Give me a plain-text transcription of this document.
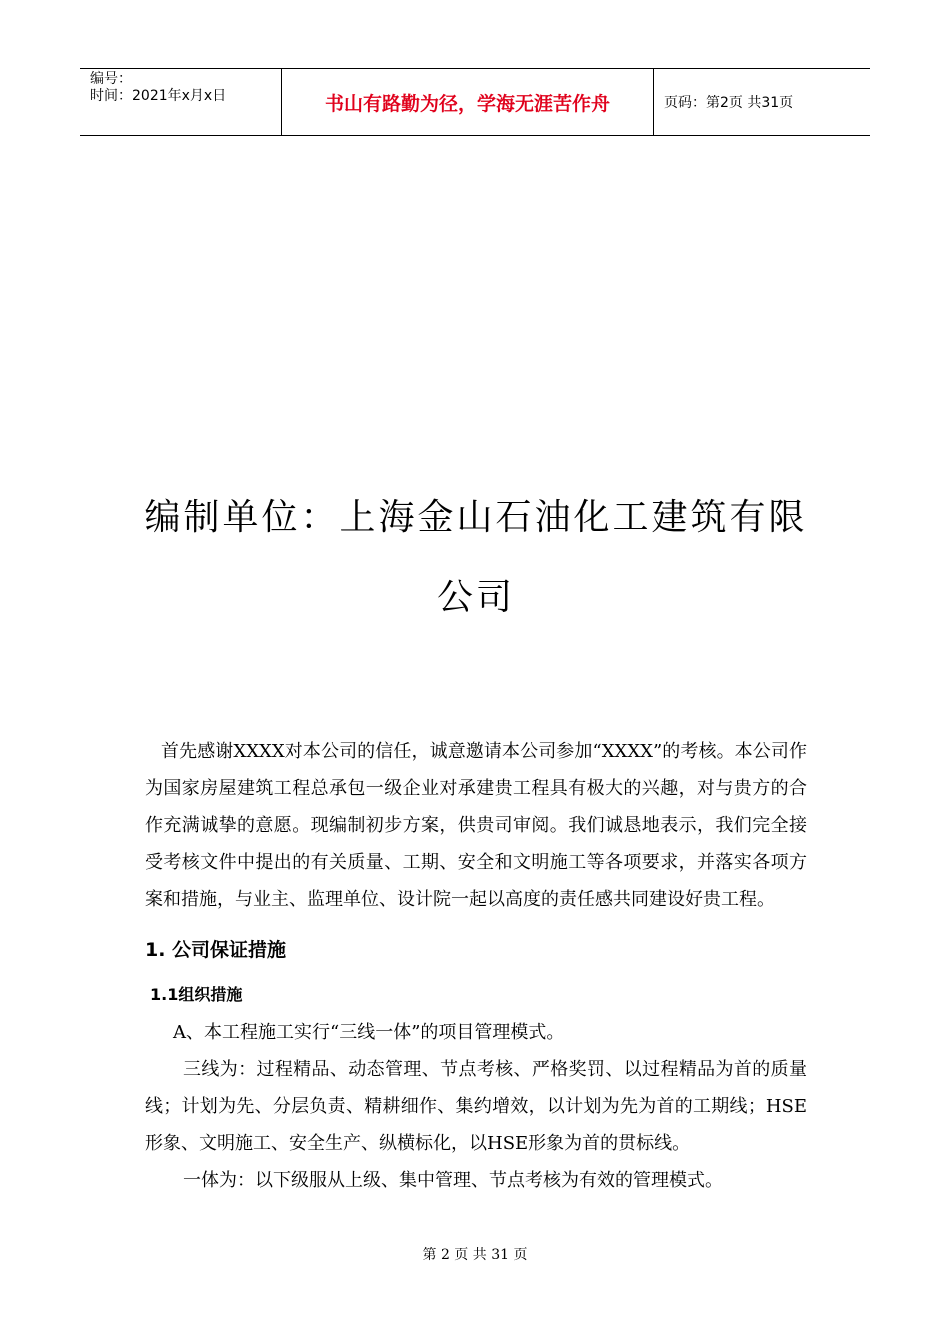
编号：
时间：2021年x月x日	书山有路勤为径，学海无涯苦作舟	页码：第2页 共31页
编制单位：上海金山石油化工建筑有限
公司

首先感谢XXXX对本公司的信任，诚意邀请本公司参加“XXXX”的考核。本公司作为国家房屋建筑工程总承包一级企业对承建贵工程具有极大的兴趣，对与贵方的合作充满诚挚的意愿。现编制初步方案，供贵司审阅。我们诚恳地表示，我们完全接受考核文件中提出的有关质量、工期、安全和文明施工等各项要求，并落实各项方案和措施，与业主、监理单位、设计院一起以高度的责任感共同建设好贵工程。

1. 公司保证措施
1.1组织措施

A、本工程施工实行“三线一体”的项目管理模式。

三线为：过程精品、动态管理、节点考核、严格奖罚、以过程精品为首的质量线；计划为先、分层负责、精耕细作、集约增效，以计划为先为首的工期线；HSE形象、文明施工、安全生产、纵横标化，以HSE形象为首的贯标线。

一体为：以下级服从上级、集中管理、节点考核为有效的管理模式。

第 2 页 共 31 页
